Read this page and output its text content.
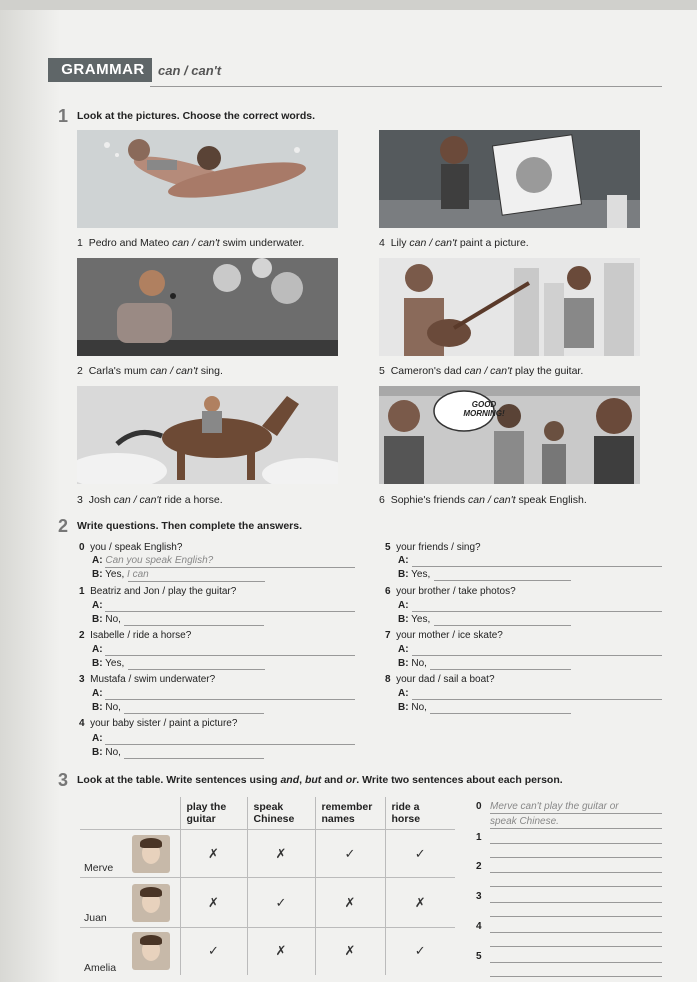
GRAMMAR	can / can't
1 Look at the pictures. Choose the correct words.
1 Pedro and Mateo can / can't swim underwater.	4 Lily can / can't paint a picture.
2 Carla's mum can / can't sing.	5 Cameron's dad can / can't play the guitar.
GOOD MORNING!
3 Josh can / can't ride a horse.	6 Sophie's friends can / can't speak English.
2 Write questions. Then complete the answers.
0 you / speak English?
A: Can you speak English?
B: Yes, I can
1 Beatriz and Jon / play the guitar?
A:
B: No,
2 Isabelle / ride a horse?
A:
B: Yes,
3 Mustafa / swim underwater?
A:
B: No,
4 your baby sister / paint a picture?
A:
B: No,
5 your friends / sing?
A:
B: Yes,
6 your brother / take photos?
A:
B: Yes,
7 your mother / ice skate?
A:
B: No,
8 your dad / sail a boat?
A:
B: No,
3 Look at the table. Write sentences using and, but and or. Write two sentences about each person.
	play the guitar	speak Chinese	remember names	ride a horse

Merve	✗	✗	✓	✓

Juan	✗	✓	✗	✗

Amelia	✓	✗	✗	✓
0 Merve can't play the guitar or
speak Chinese.
1
2
3
4
5
